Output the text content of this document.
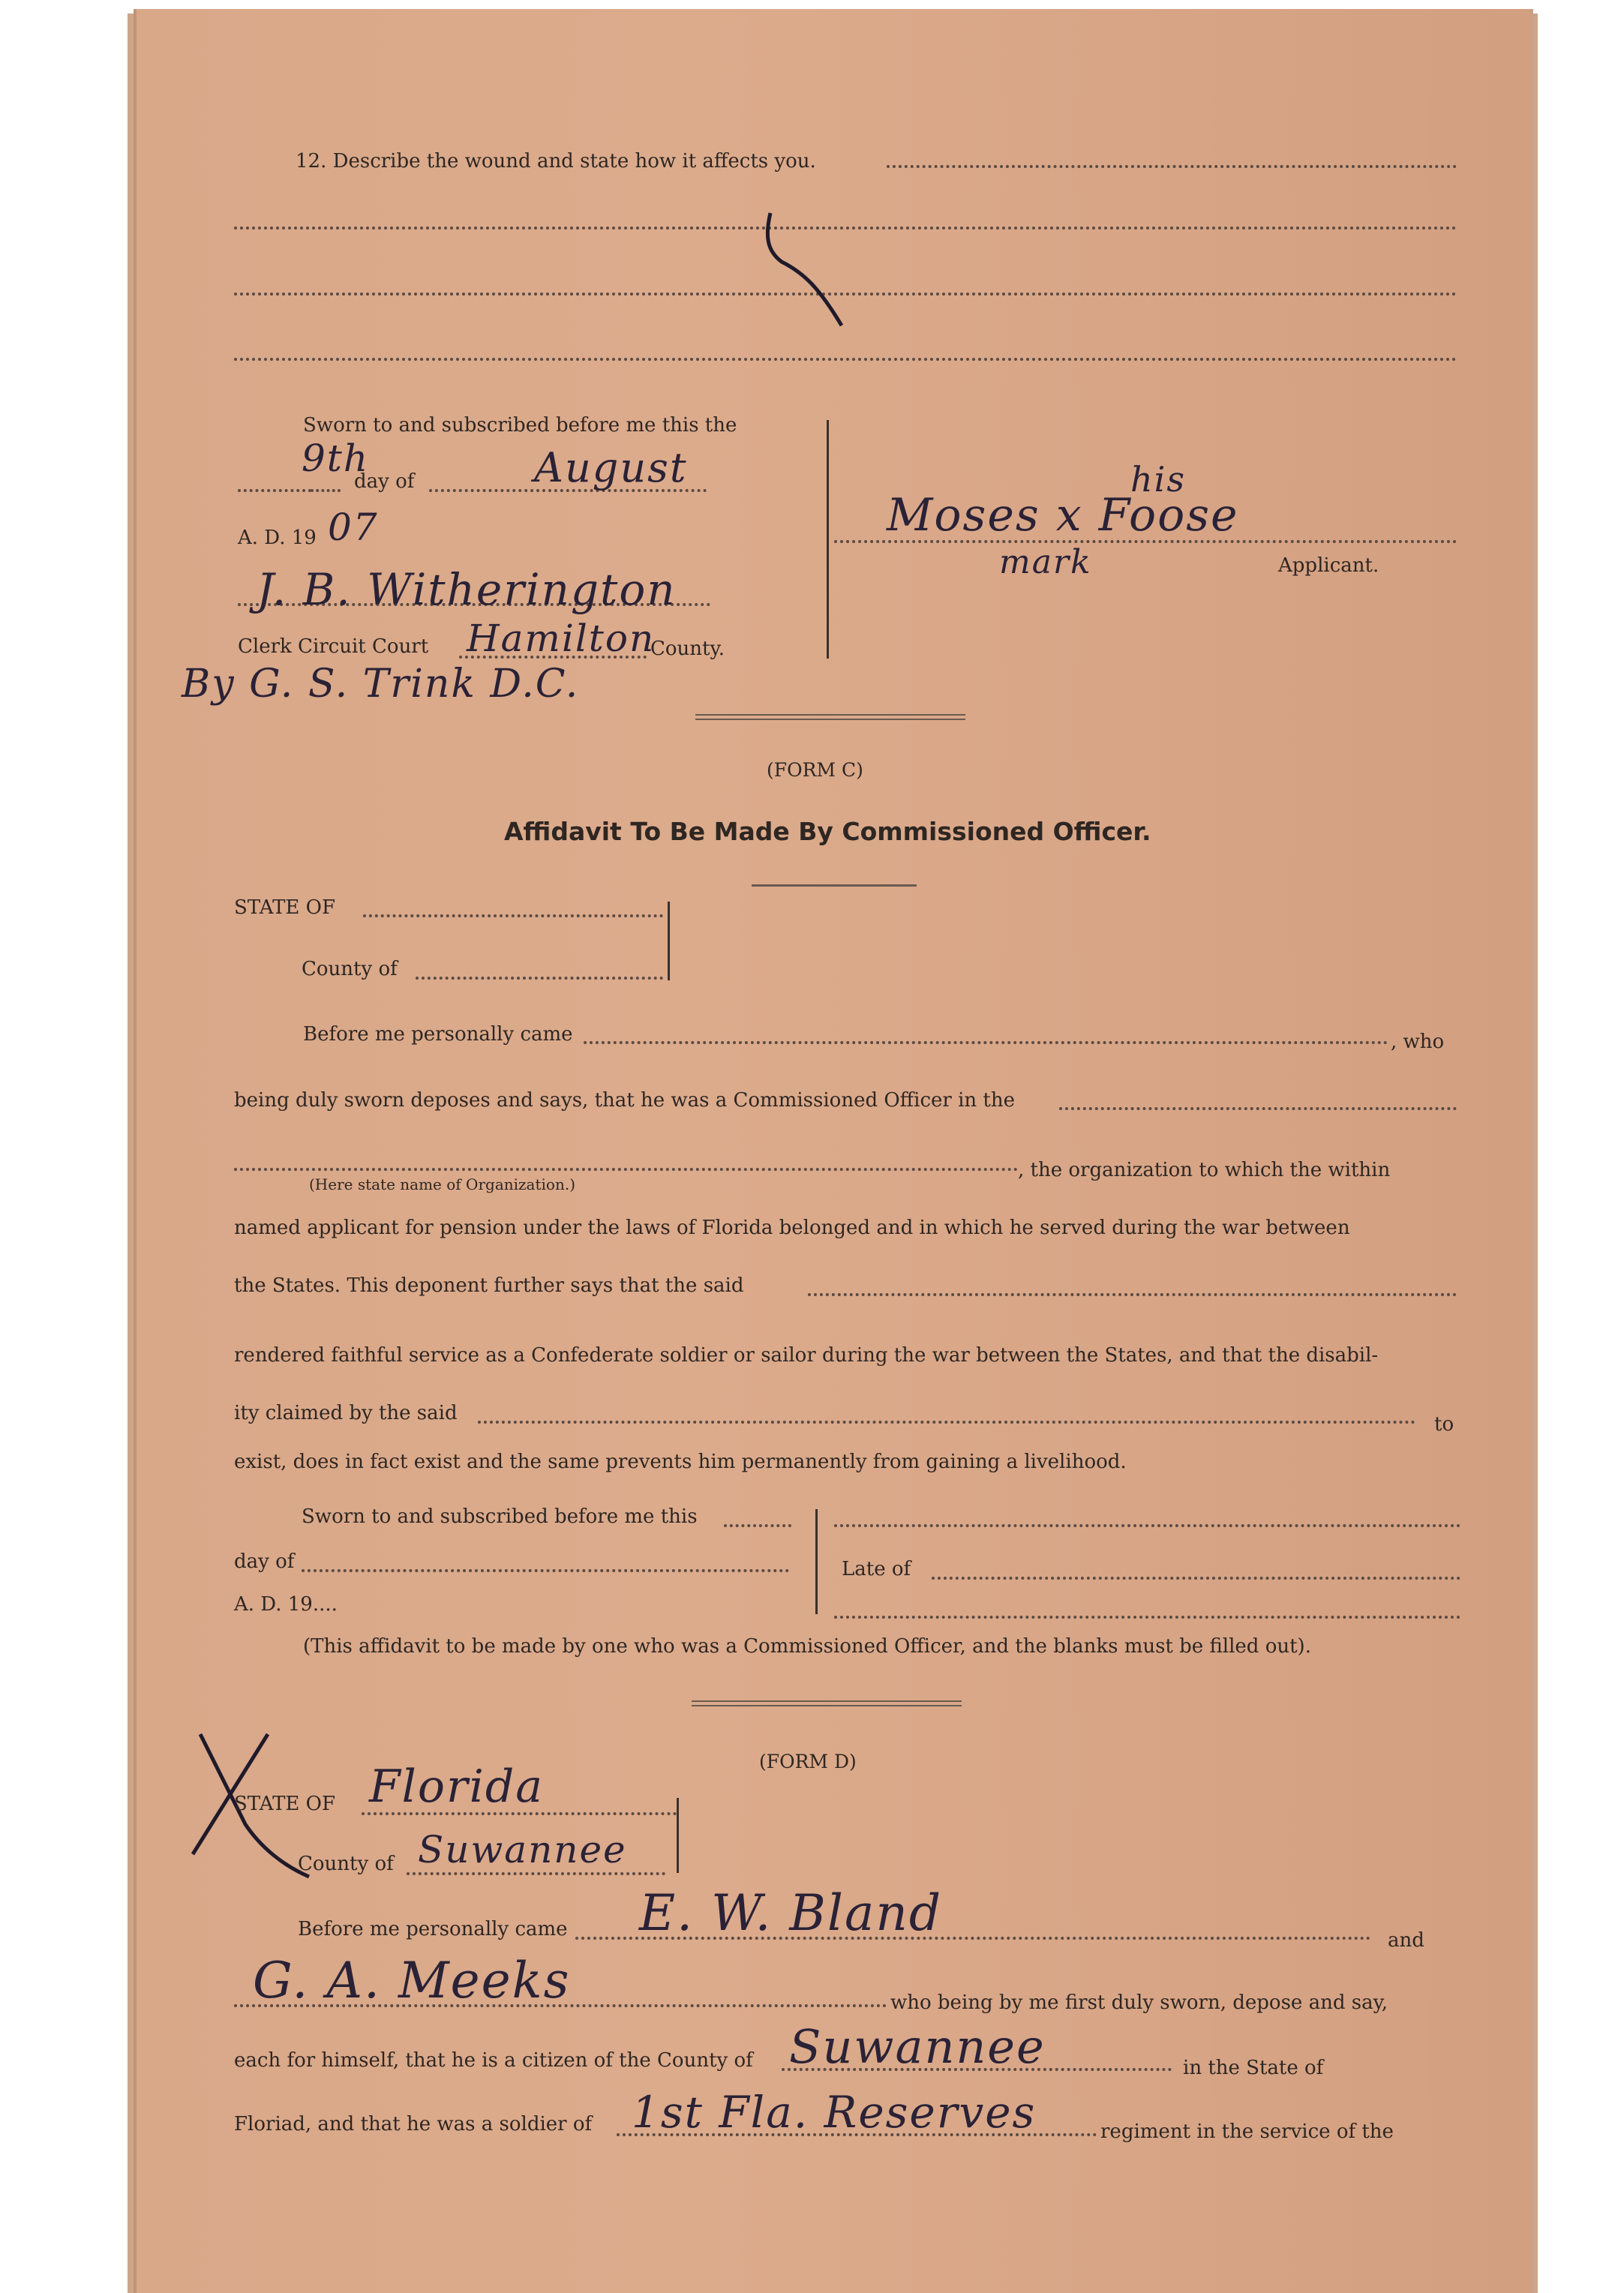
12. Describe the wound and state how it affects you.
Sworn to and subscribed before me this the
9th
day of	August
A. D. 19 07
J. B. Witherington
Clerk Circuit Court Hamilton
County.
By G. S. Trink D.C.
his
Moses x Foose
mark	Applicant.
(FORM C)
Affidavit To Be Made By Commissioned Officer.
STATE OF
County of
Before me personally came	, who
being duly sworn deposes and says, that he was a Commissioned Officer in the
, the organization to which the within
(Here state name of Organization.)
named applicant for pension under the laws of Florida belonged and in which he served during the war between
the States. This deponent further says that the said
rendered faithful service as a Confederate soldier or sailor during the war between the States, and that the disabil-
ity claimed by the said	to
exist, does in fact exist and the same prevents him permanently from gaining a livelihood.
Sworn to and subscribed before me this
day of
A. D. 19....
Late of
(This affidavit to be made by one who was a Commissioned Officer, and the blanks must be filled out).
(FORM D)
STATE OF Florida
County of Suwannee
Before me personally came E. W. Bland	and
G. A. Meeks	who being by me first duly sworn, depose and say,
each for himself, that he is a citizen of the County of Suwannee	in the State of
Floriad, and that he was a soldier of 1st Fla. Reserves	regiment in the service of the
